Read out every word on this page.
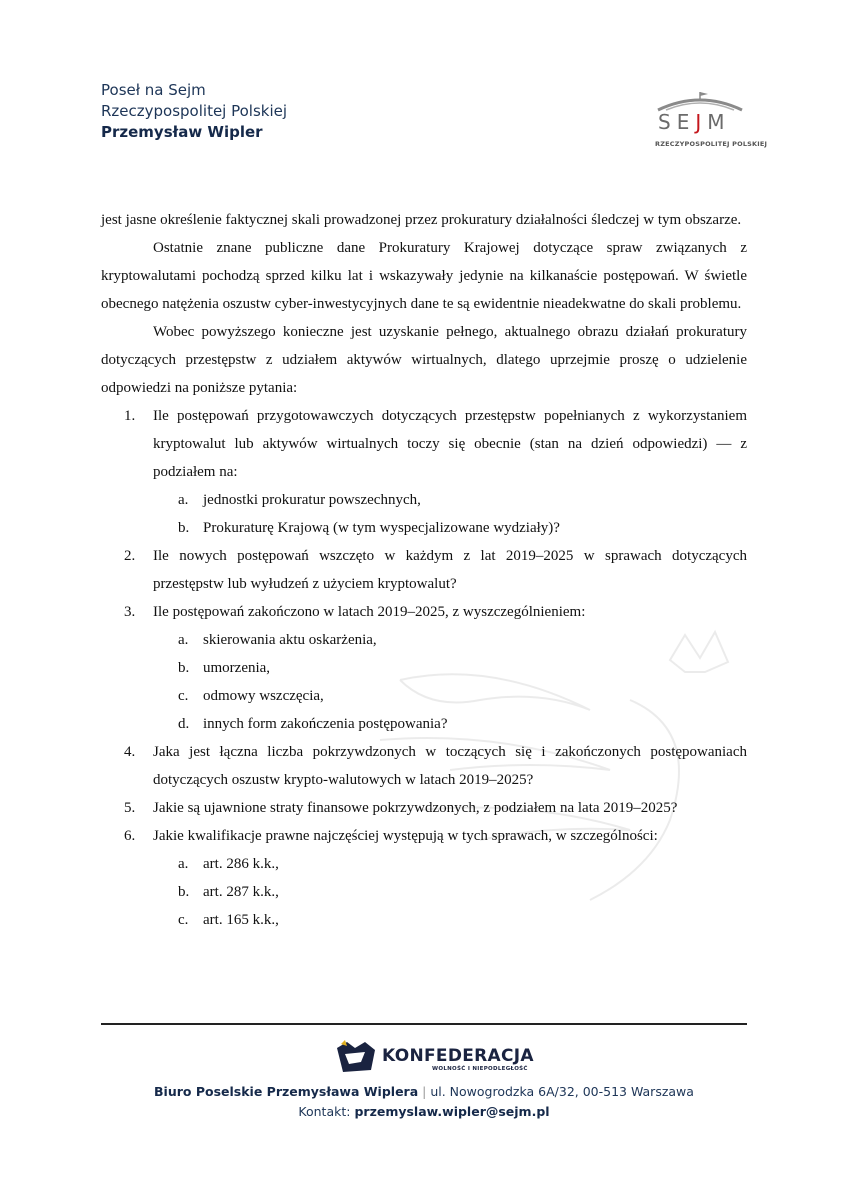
Poseł na Sejm
Rzeczypospolitej Polskiej
Przemysław Wipler	SEJM
RZECZYPOSPOLITEJ POLSKIEJ

jest jasne określenie faktycznej skali prowadzonej przez prokuratury działalności śledczej w tym obszarze.

Ostatnie znane publiczne dane Prokuratury Krajowej dotyczące spraw związanych z kryptowalutami pochodzą sprzed kilku lat i wskazywały jedynie na kilkanaście postępowań. W świetle obecnego natężenia oszustw cyber-inwestycyjnych dane te są ewidentnie nieadekwatne do skali problemu.

Wobec powyższego konieczne jest uzyskanie pełnego, aktualnego obrazu działań prokuratury dotyczących przestępstw z udziałem aktywów wirtualnych, dlatego uprzejmie proszę o udzielenie odpowiedzi na poniższe pytania:

1. Ile postępowań przygotowawczych dotyczących przestępstw popełnianych z wykorzystaniem kryptowalut lub aktywów wirtualnych toczy się obecnie (stan na dzień odpowiedzi) — z podziałem na:
a. jednostki prokuratur powszechnych,
b. Prokuraturę Krajową (w tym wyspecjalizowane wydziały)?
2. Ile nowych postępowań wszczęto w każdym z lat 2019–2025 w sprawach dotyczących przestępstw lub wyłudzeń z użyciem kryptowalut?
3. Ile postępowań zakończono w latach 2019–2025, z wyszczególnieniem:
a. skierowania aktu oskarżenia,
b. umorzenia,
c. odmowy wszczęcia,
d. innych form zakończenia postępowania?
4. Jaka jest łączna liczba pokrzywdzonych w toczących się i zakończonych postępowaniach dotyczących oszustw krypto-walutowych w latach 2019–2025?
5. Jakie są ujawnione straty finansowe pokrzywdzonych, z podziałem na lata 2019–2025?
6. Jakie kwalifikacje prawne najczęściej występują w tych sprawach, w szczególności:
a. art. 286 k.k.,
b. art. 287 k.k.,
c. art. 165 k.k.,
KONFEDERACJA
WOLNOŚĆ I NIEPODLEGŁOŚĆ
Biuro Poselskie Przemysława Wiplera | ul. Nowogrodzka 6A/32, 00-513 Warszawa
Kontakt: przemyslaw.wipler@sejm.pl
